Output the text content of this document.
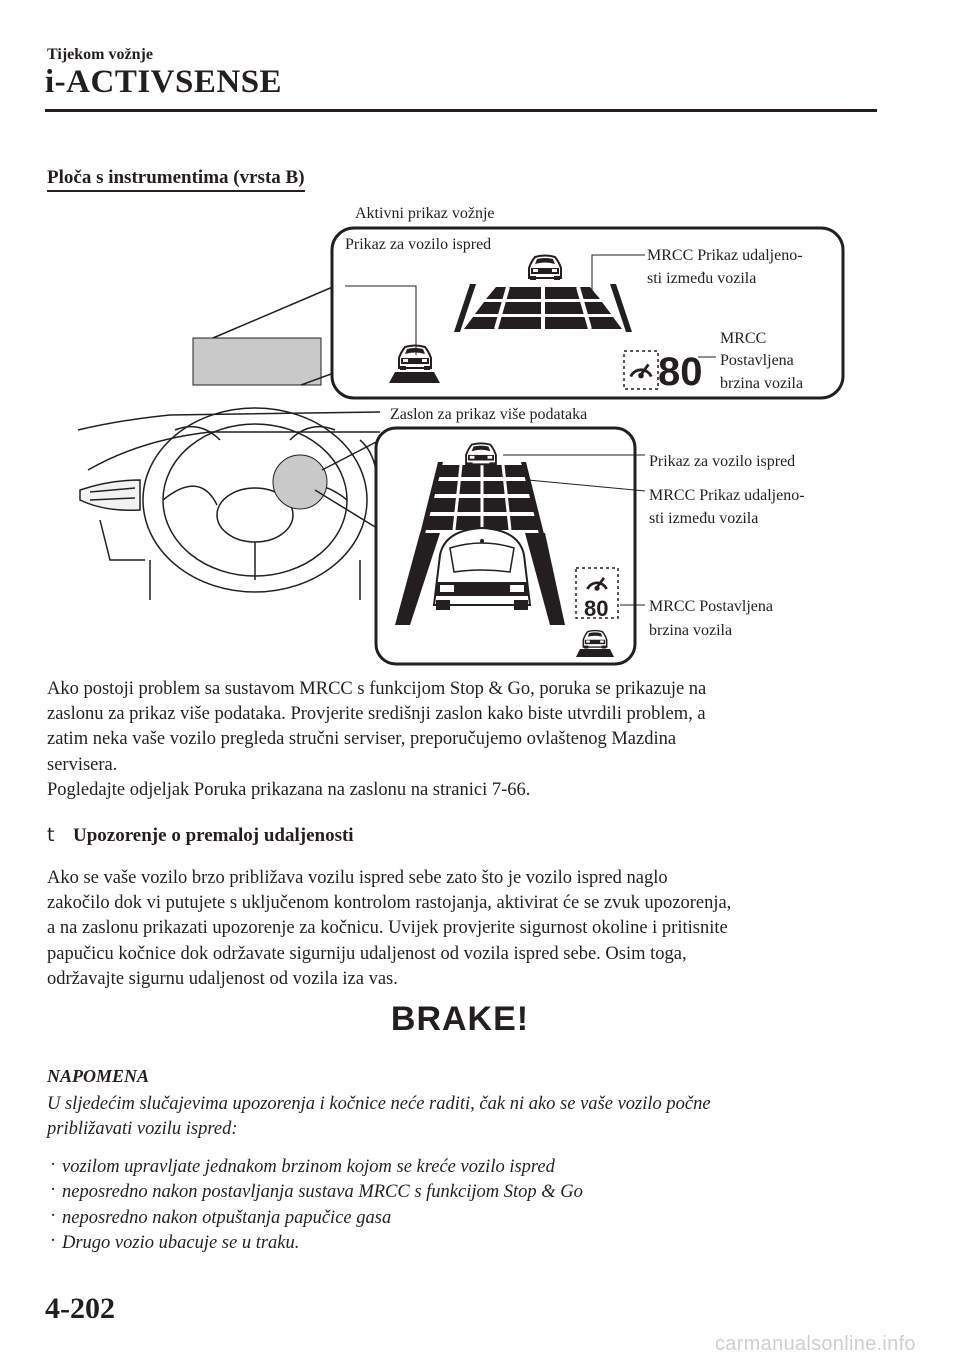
Tijekom vožnje
i-ACTIVSENSE
Ploča s instrumentima (vrsta B)
80
80
Aktivni prikaz vožnje
Prikaz za vozilo ispred
MRCC Prikaz udaljeno-
sti između vozila
MRCC
Postavljena
brzina vozila
Zaslon za prikaz više podataka
Prikaz za vozilo ispred
MRCC Prikaz udaljeno-
sti između vozila
MRCC Postavljena
brzina vozila

Ako postoji problem sa sustavom MRCC s funkcijom Stop & Go, poruka se prikazuje na

zaslonu za prikaz više podataka. Provjerite središnji zaslon kako biste utvrdili problem, a

zatim neka vaše vozilo pregleda stručni serviser, preporučujemo ovlaštenog Mazdina

servisera.

Pogledajte odjeljak Poruka prikazana na zaslonu na stranici 7-66.

t Upozorenje o premaloj udaljenosti

Ako se vaše vozilo brzo približava vozilu ispred sebe zato što je vozilo ispred naglo

zakočilo dok vi putujete s uključenom kontrolom rastojanja, aktivirat će se zvuk upozorenja,

a na zaslonu prikazati upozorenje za kočnicu. Uvijek provjerite sigurnost okoline i pritisnite

papučicu kočnice dok održavate sigurniju udaljenost od vozila ispred sebe. Osim toga,

održavajte sigurnu udaljenost od vozila iza vas.

BRAKE!
NAPOMENA
U sljedećim slučajevima upozorenja i kočnice neće raditi, čak ni ako se vaše vozilo počne
približavati vozilu ispred:
· vozilom upravljate jednakom brzinom kojom se kreće vozilo ispred
· neposredno nakon postavljanja sustava MRCC s funkcijom Stop & Go
· neposredno nakon otpuštanja papučice gasa
· Drugo vozio ubacuje se u traku.
4-202
carmanualsonline.info
